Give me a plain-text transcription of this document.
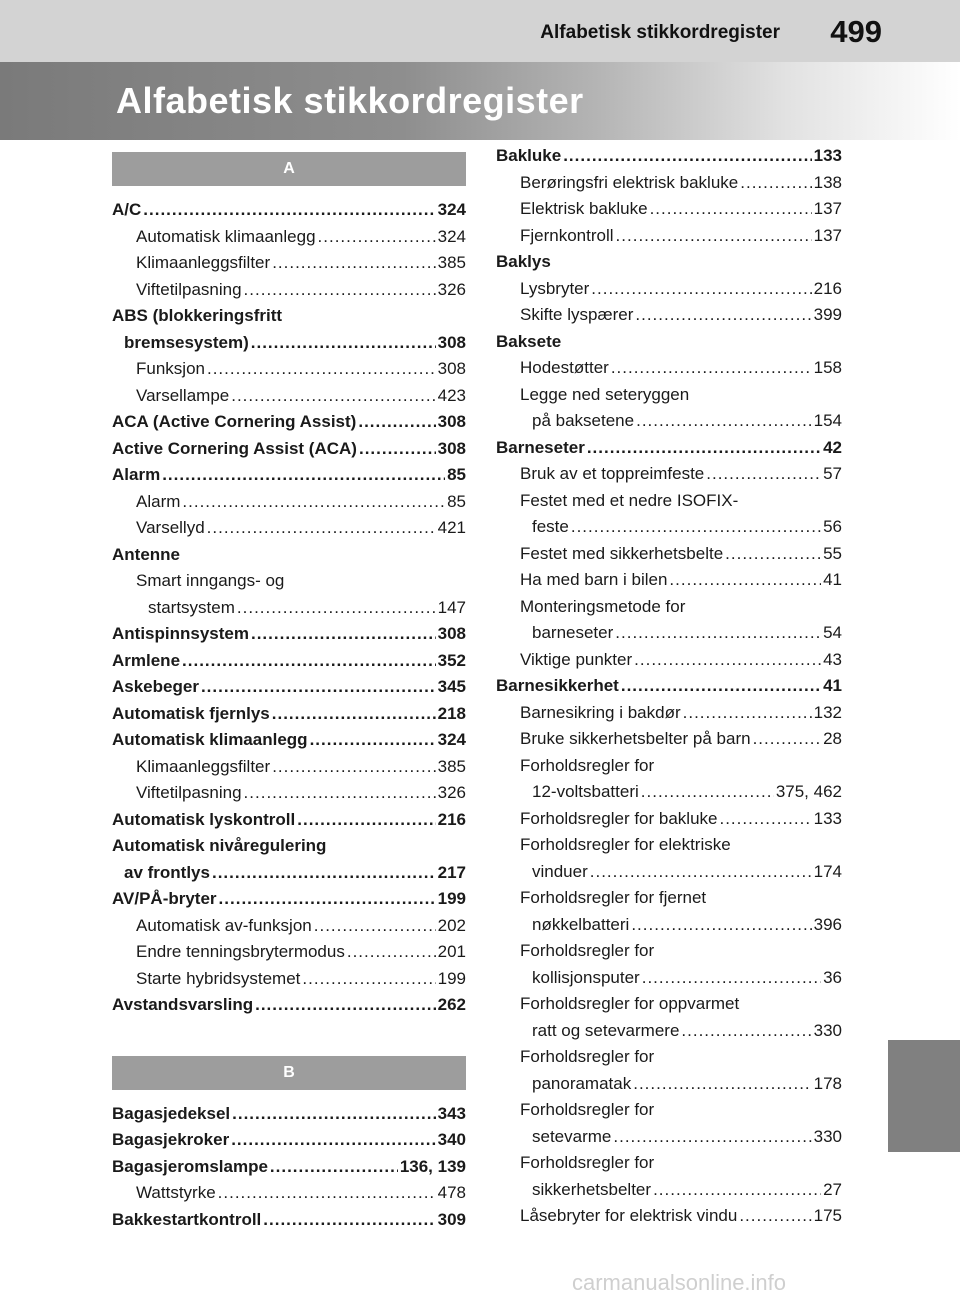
Alfabetisk stikkordregister 499
Alfabetisk stikkordregister
A
A/C .....	324
Automatisk klimaanlegg .....	324
Klimaanleggsfilter .....	385
Viftetilpasning .....	326
ABS (blokkeringsfritt
bremsesystem) .....	308
Funksjon .....	308
Varsellampe .....	423
ACA (Active Cornering Assist) .....	308
Active Cornering Assist (ACA) .....	308
Alarm .....	85
Alarm .....	85
Varsellyd .....	421
Antenne
Smart inngangs- og
startsystem .....	147
Antispinnsystem .....	308
Armlene .....	352
Askebeger .....	345
Automatisk fjernlys .....	218
Automatisk klimaanlegg .....	324
Klimaanleggsfilter .....	385
Viftetilpasning .....	326
Automatisk lyskontroll .....	216
Automatisk nivåregulering
av frontlys .....	217
AV/PÅ-bryter .....	199
Automatisk av-funksjon .....	202
Endre tenningsbrytermodus .....	201
Starte hybridsystemet .....	199
Avstandsvarsling .....	262
B
Bagasjedeksel .....	343
Bagasjekroker .....	340
Bagasjeromslampe .....	136, 139
Wattstyrke .....	478
Bakkestartkontroll .....	309
Bakluke .....	133
Berøringsfri elektrisk bakluke .....	138
Elektrisk bakluke .....	137
Fjernkontroll .....	137
Baklys
Lysbryter .....	216
Skifte lyspærer .....	399
Baksete
Hodestøtter .....	158
Legge ned seteryggen
på baksetene .....	154
Barneseter .....	42
Bruk av et toppreimfeste .....	57
Festet med et nedre ISOFIX-
feste .....	56
Festet med sikkerhetsbelte .....	55
Ha med barn i bilen .....	41
Monteringsmetode for
barneseter .....	54
Viktige punkter .....	43
Barnesikkerhet .....	41
Barnesikring i bakdør .....	132
Bruke sikkerhetsbelter på barn .....	28
Forholdsregler for
12-voltsbatteri .....	375, 462
Forholdsregler for bakluke .....	133
Forholdsregler for elektriske
vinduer .....	174
Forholdsregler for fjernet
nøkkelbatteri .....	396
Forholdsregler for
kollisjonsputer .....	36
Forholdsregler for oppvarmet
ratt og setevarmere .....	330
Forholdsregler for
panoramatak .....	178
Forholdsregler for
setevarme .....	330
Forholdsregler for
sikkerhetsbelter .....	27
Låsebryter for elektrisk vindu .....	175
carmanualsonline.info
